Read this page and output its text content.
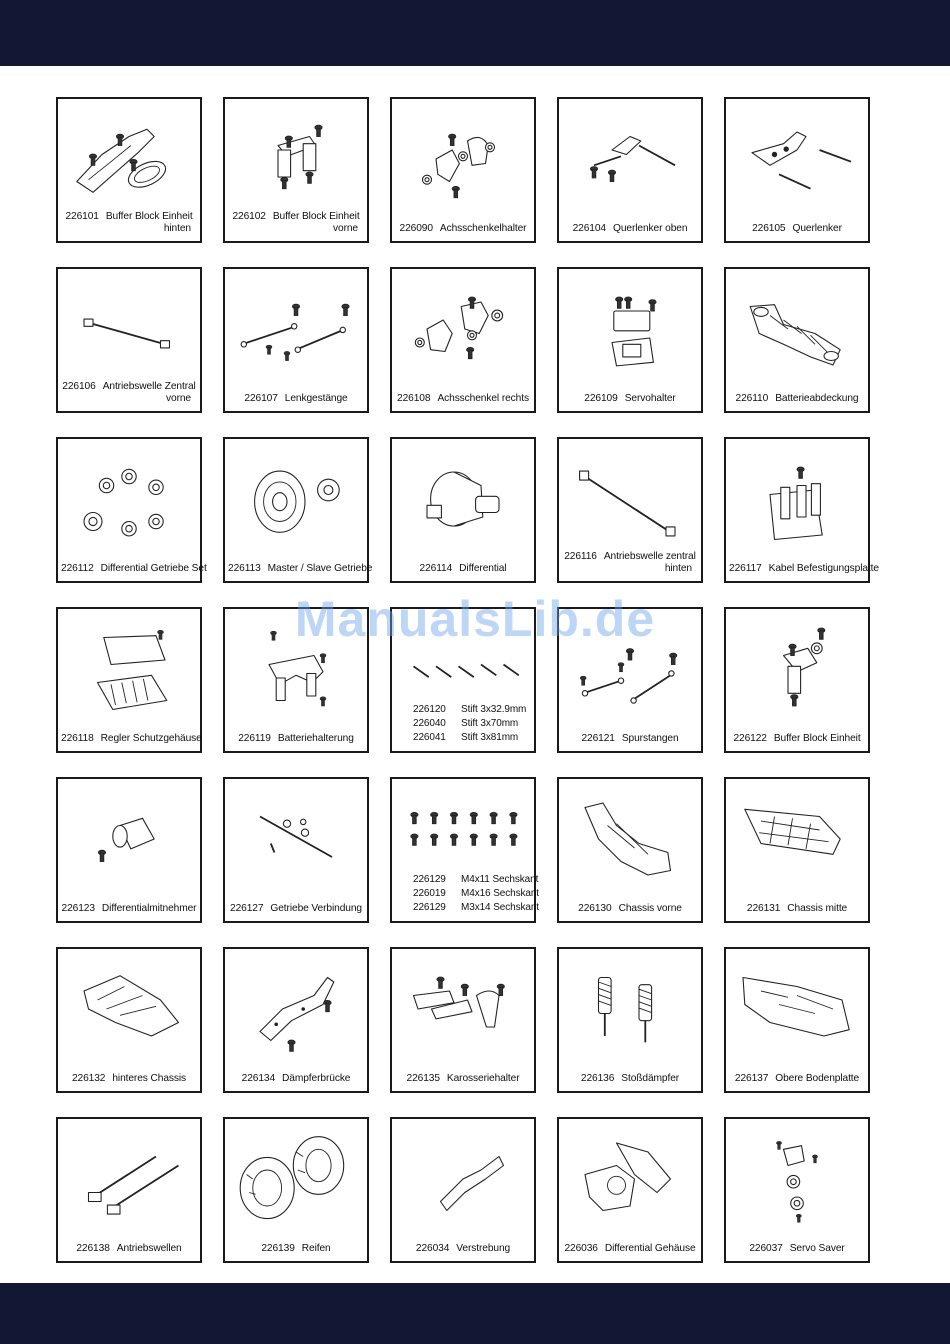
226101 Buffer Block Einheit
hinten
226102 Buffer Block Einheit
vorne	226090 Achsschenkelhalter	226104 Querlenker oben	226105 Querlenker
226106 Antriebswelle Zentral
vorne	226107 Lenkgestänge	226108 Achsschenkel rechts	226109 Servohalter	226110 Batterieabdeckung
226112 Differential Getriebe Set 226113 Master / Slave Getriebe	226114 Differential
226116 Antriebswelle zentral
hinten	226117 Kabel Befestigungsplatte
226118 Regler Schutzgehäuse	226119 Batteriehalterung
226120 Stift 3x32.9mm
226040 Stift 3x70mm
226041 Stift 3x81mm	226121 Spurstangen	226122 Buffer Block Einheit
226123 Differentialmitnehmer	226127 Getriebe Verbindung
226129 M4x11 Sechskant
226019 M4x16 Sechskant
226129 M3x14 Sechskant	226130 Chassis vorne	226131 Chassis mitte
226132 hinteres Chassis	226134 Dämpferbrücke	226135 Karosseriehalter	226136 Stoßdämpfer	226137 Obere Bodenplatte
226138 Antriebswellen	226139 Reifen	226034 Verstrebung	226036 Differential Gehäuse	226037 Servo Saver
ManualsLib.de
